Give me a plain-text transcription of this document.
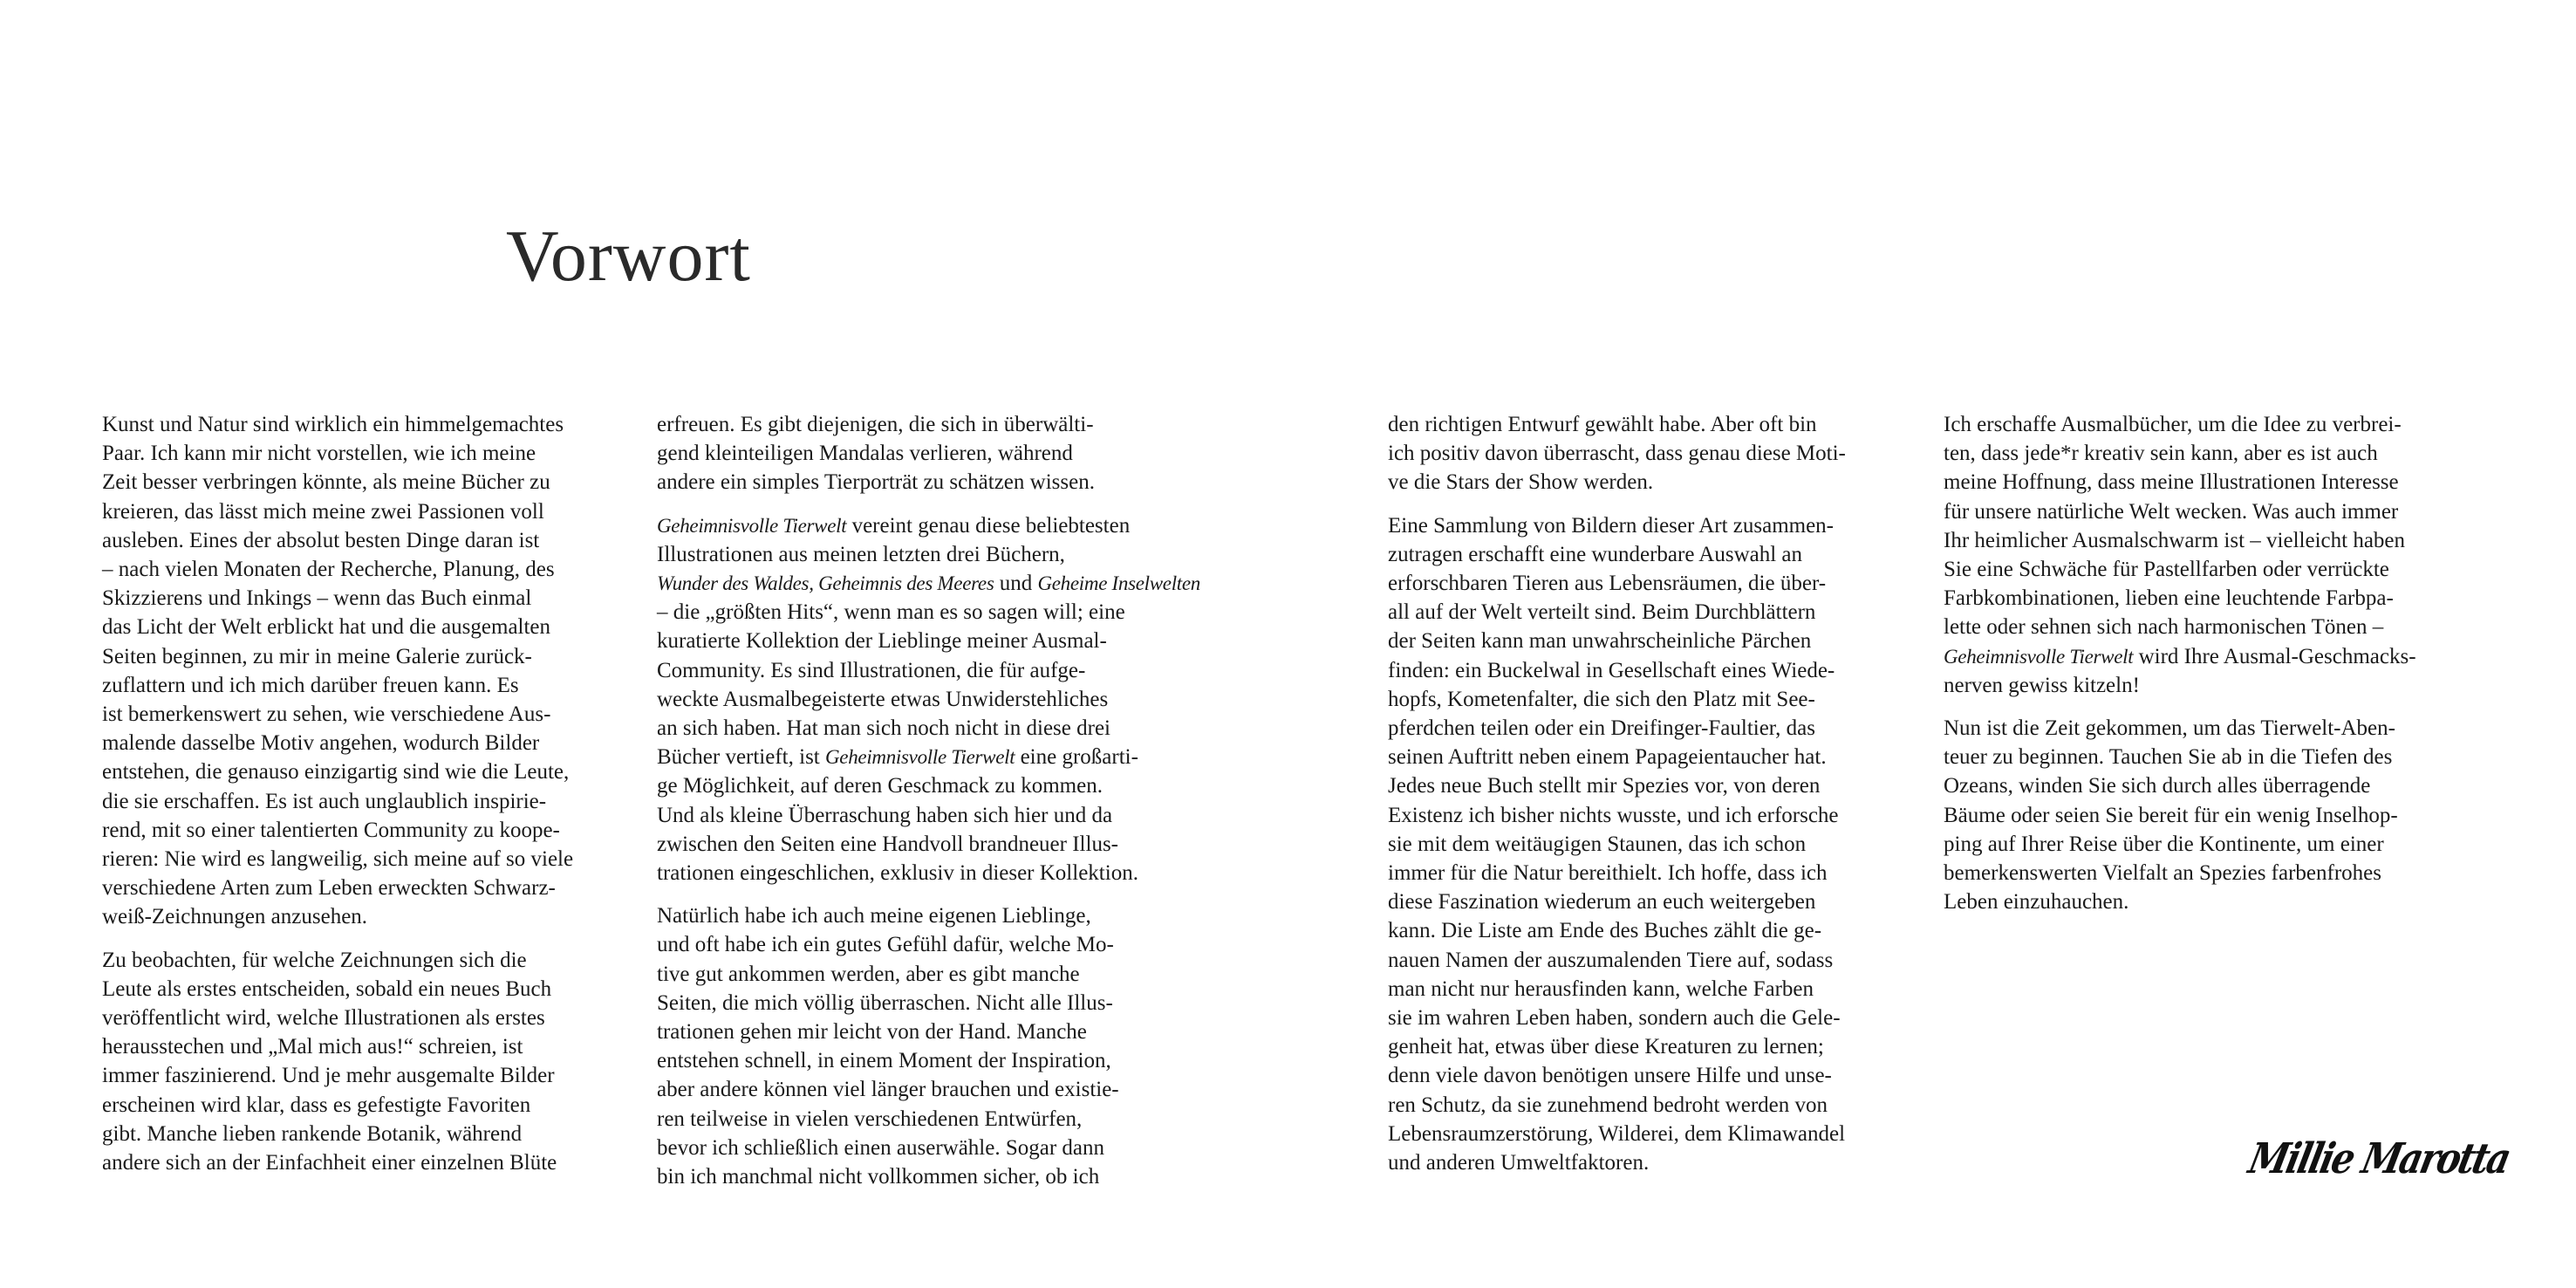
Vorwort

Kunst und Natur sind wirklich ein himmelgemachtes
Paar. Ich kann mir nicht vorstellen, wie ich meine
Zeit besser verbringen könnte, als meine Bücher zu
kreieren, das lässt mich meine zwei Passionen voll
ausleben. Eines der absolut besten Dinge daran ist
– nach vielen Monaten der Recherche, Planung, des
Skizzierens und Inkings – wenn das Buch einmal
das Licht der Welt erblickt hat und die ausgemalten
Seiten beginnen, zu mir in meine Galerie zurück-
zuflattern und ich mich darüber freuen kann. Es
ist bemerkenswert zu sehen, wie verschiedene Aus-
malende dasselbe Motiv angehen, wodurch Bilder
entstehen, die genauso einzigartig sind wie die Leute,
die sie erschaffen. Es ist auch unglaublich inspirie-
rend, mit so einer talentierten Community zu koope-
rieren: Nie wird es langweilig, sich meine auf so viele
verschiedene Arten zum Leben erweckten Schwarz-
weiß-Zeichnungen anzusehen.

Zu beobachten, für welche Zeichnungen sich die
Leute als erstes entscheiden, sobald ein neues Buch
veröffentlicht wird, welche Illustrationen als erstes
herausstechen und „Mal mich aus!“ schreien, ist
immer faszinierend. Und je mehr ausgemalte Bilder
erscheinen wird klar, dass es gefestigte Favoriten
gibt. Manche lieben rankende Botanik, während
andere sich an der Einfachheit einer einzelnen Blüte

erfreuen. Es gibt diejenigen, die sich in überwälti-
gend kleinteiligen Mandalas verlieren, während
andere ein simples Tierporträt zu schätzen wissen.

Geheimnisvolle Tierwelt vereint genau diese beliebtesten
Illustrationen aus meinen letzten drei Büchern,
Wunder des Waldes, Geheimnis des Meeres und Geheime Inselwelten
– die „größten Hits“, wenn man es so sagen will; eine
kuratierte Kollektion der Lieblinge meiner Ausmal-
Community. Es sind Illustrationen, die für aufge-
weckte Ausmalbegeisterte etwas Unwiderstehliches
an sich haben. Hat man sich noch nicht in diese drei
Bücher vertieft, ist Geheimnisvolle Tierwelt eine großarti-
ge Möglichkeit, auf deren Geschmack zu kommen.
Und als kleine Überraschung haben sich hier und da
zwischen den Seiten eine Handvoll brandneuer Illus-
trationen eingeschlichen, exklusiv in dieser Kollektion.

Natürlich habe ich auch meine eigenen Lieblinge,
und oft habe ich ein gutes Gefühl dafür, welche Mo-
tive gut ankommen werden, aber es gibt manche
Seiten, die mich völlig überraschen. Nicht alle Illus-
trationen gehen mir leicht von der Hand. Manche
entstehen schnell, in einem Moment der Inspiration,
aber andere können viel länger brauchen und existie-
ren teilweise in vielen verschiedenen Entwürfen,
bevor ich schließlich einen auserwähle. Sogar dann
bin ich manchmal nicht vollkommen sicher, ob ich

den richtigen Entwurf gewählt habe. Aber oft bin
ich positiv davon überrascht, dass genau diese Moti-
ve die Stars der Show werden.

Eine Sammlung von Bildern dieser Art zusammen-
zutragen erschafft eine wunderbare Auswahl an
erforschbaren Tieren aus Lebensräumen, die über-
all auf der Welt verteilt sind. Beim Durchblättern
der Seiten kann man unwahrscheinliche Pärchen
finden: ein Buckelwal in Gesellschaft eines Wiede-
hopfs, Kometenfalter, die sich den Platz mit See-
pferdchen teilen oder ein Dreifinger-Faultier, das
seinen Auftritt neben einem Papageientaucher hat.
Jedes neue Buch stellt mir Spezies vor, von deren
Existenz ich bisher nichts wusste, und ich erforsche
sie mit dem weitäugigen Staunen, das ich schon
immer für die Natur bereithielt. Ich hoffe, dass ich
diese Faszination wiederum an euch weitergeben
kann. Die Liste am Ende des Buches zählt die ge-
nauen Namen der auszumalenden Tiere auf, sodass
man nicht nur herausfinden kann, welche Farben
sie im wahren Leben haben, sondern auch die Gele-
genheit hat, etwas über diese Kreaturen zu lernen;
denn viele davon benötigen unsere Hilfe und unse-
ren Schutz, da sie zunehmend bedroht werden von
Lebensraumzerstörung, Wilderei, dem Klimawandel
und anderen Umweltfaktoren.

Ich erschaffe Ausmalbücher, um die Idee zu verbrei-
ten, dass jede*r kreativ sein kann, aber es ist auch
meine Hoffnung, dass meine Illustrationen Interesse
für unsere natürliche Welt wecken. Was auch immer
Ihr heimlicher Ausmalschwarm ist – vielleicht haben
Sie eine Schwäche für Pastellfarben oder verrückte
Farbkombinationen, lieben eine leuchtende Farbpa-
lette oder sehnen sich nach harmonischen Tönen –
Geheimnisvolle Tierwelt wird Ihre Ausmal-Geschmacks-
nerven gewiss kitzeln!

Nun ist die Zeit gekommen, um das Tierwelt-Aben-
teuer zu beginnen. Tauchen Sie ab in die Tiefen des
Ozeans, winden Sie sich durch alles überragende
Bäume oder seien Sie bereit für ein wenig Inselhop-
ping auf Ihrer Reise über die Kontinente, um einer
bemerkenswerten Vielfalt an Spezies farbenfrohes
Leben einzuhauchen.

Millie Marotta
